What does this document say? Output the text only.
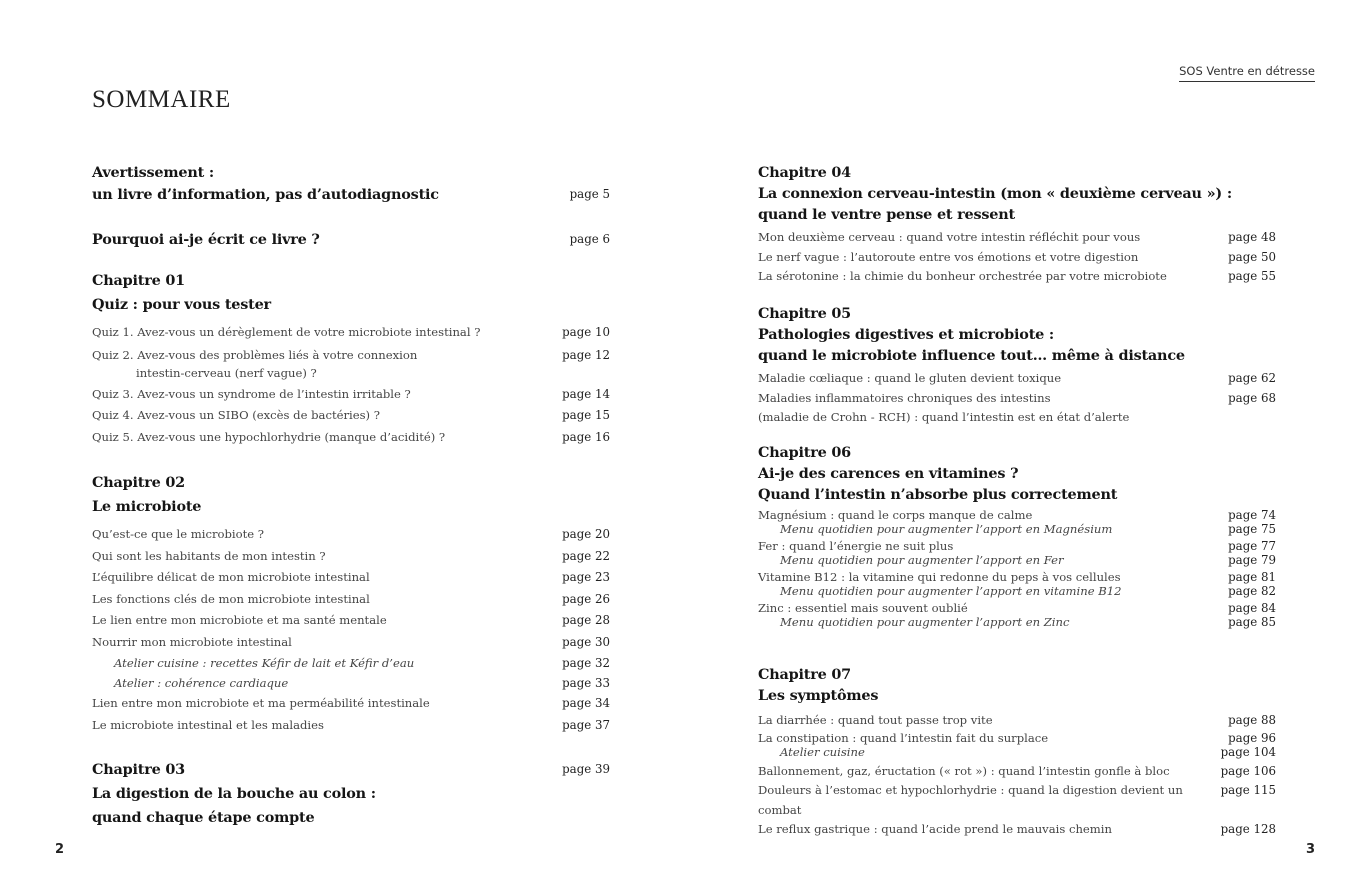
SOMMAIRE
SOS Ventre en détresse
Avertissement :
un livre d’information, pas d’autodiagnostic	page 5
Pourquoi ai-je écrit ce livre ?	page 6
Chapitre 01
Quiz : pour vous tester
Quiz 1. Avez-vous un dérèglement de votre microbiote intestinal ?	page 10
Quiz 2. Avez-vous des problèmes liés à votre connexion
intestin-cerveau (nerf vague) ?
page 12
Quiz 3. Avez-vous un syndrome de l’intestin irritable ?	page 14
Quiz 4. Avez-vous un SIBO (excès de bactéries) ?	page 15
Quiz 5. Avez-vous une hypochlorhydrie (manque d’acidité) ?	page 16
Chapitre 02
Le microbiote
Qu’est-ce que le microbiote ?	page 20
Qui sont les habitants de mon intestin ?	page 22
L’équilibre délicat de mon microbiote intestinal	page 23
Les fonctions clés de mon microbiote intestinal	page 26
Le lien entre mon microbiote et ma santé mentale	page 28
Nourrir mon microbiote intestinal	page 30
Atelier cuisine : recettes Kéfir de lait et Kéfir d’eau	page 32
Atelier : cohérence cardiaque	page 33
Lien entre mon microbiote et ma perméabilité intestinale	page 34
Le microbiote intestinal et les maladies	page 37
Chapitre 03
La digestion de la bouche au colon :
quand chaque étape compte
page 39
Chapitre 04
La connexion cerveau-intestin (mon « deuxième cerveau ») :
quand le ventre pense et ressent
Mon deuxième cerveau : quand votre intestin réfléchit pour vous	page 48
Le nerf vague : l’autoroute entre vos émotions et votre digestion	page 50
La sérotonine : la chimie du bonheur orchestrée par votre microbiote	page 55
Chapitre 05
Pathologies digestives et microbiote :
quand le microbiote influence tout… même à distance
Maladie cœliaque : quand le gluten devient toxique	page 62
Maladies inflammatoires chroniques des intestins
(maladie de Crohn - RCH) : quand l’intestin est en état d’alerte
page 68
Chapitre 06
Ai-je des carences en vitamines ?
Quand l’intestin n’absorbe plus correctement
Magnésium : quand le corps manque de calme	page 74
Menu quotidien pour augmenter l’apport en Magnésium	page 75
Fer : quand l’énergie ne suit plus	page 77
Menu quotidien pour augmenter l’apport en Fer	page 79
Vitamine B12 : la vitamine qui redonne du peps à vos cellules	page 81
Menu quotidien pour augmenter l’apport en vitamine B12	page 82
Zinc : essentiel mais souvent oublié	page 84
Menu quotidien pour augmenter l’apport en Zinc	page 85
Chapitre 07
Les symptômes
La diarrhée : quand tout passe trop vite	page 88
La constipation : quand l’intestin fait du surplace	page 96
Atelier cuisine	page 104
Ballonnement, gaz, éructation (« rot ») : quand l’intestin gonfle à bloc	page 106
Douleurs à l’estomac et hypochlorhydrie : quand la digestion devient un combat
page 115
Le reflux gastrique : quand l’acide prend le mauvais chemin	page 128
2	3
